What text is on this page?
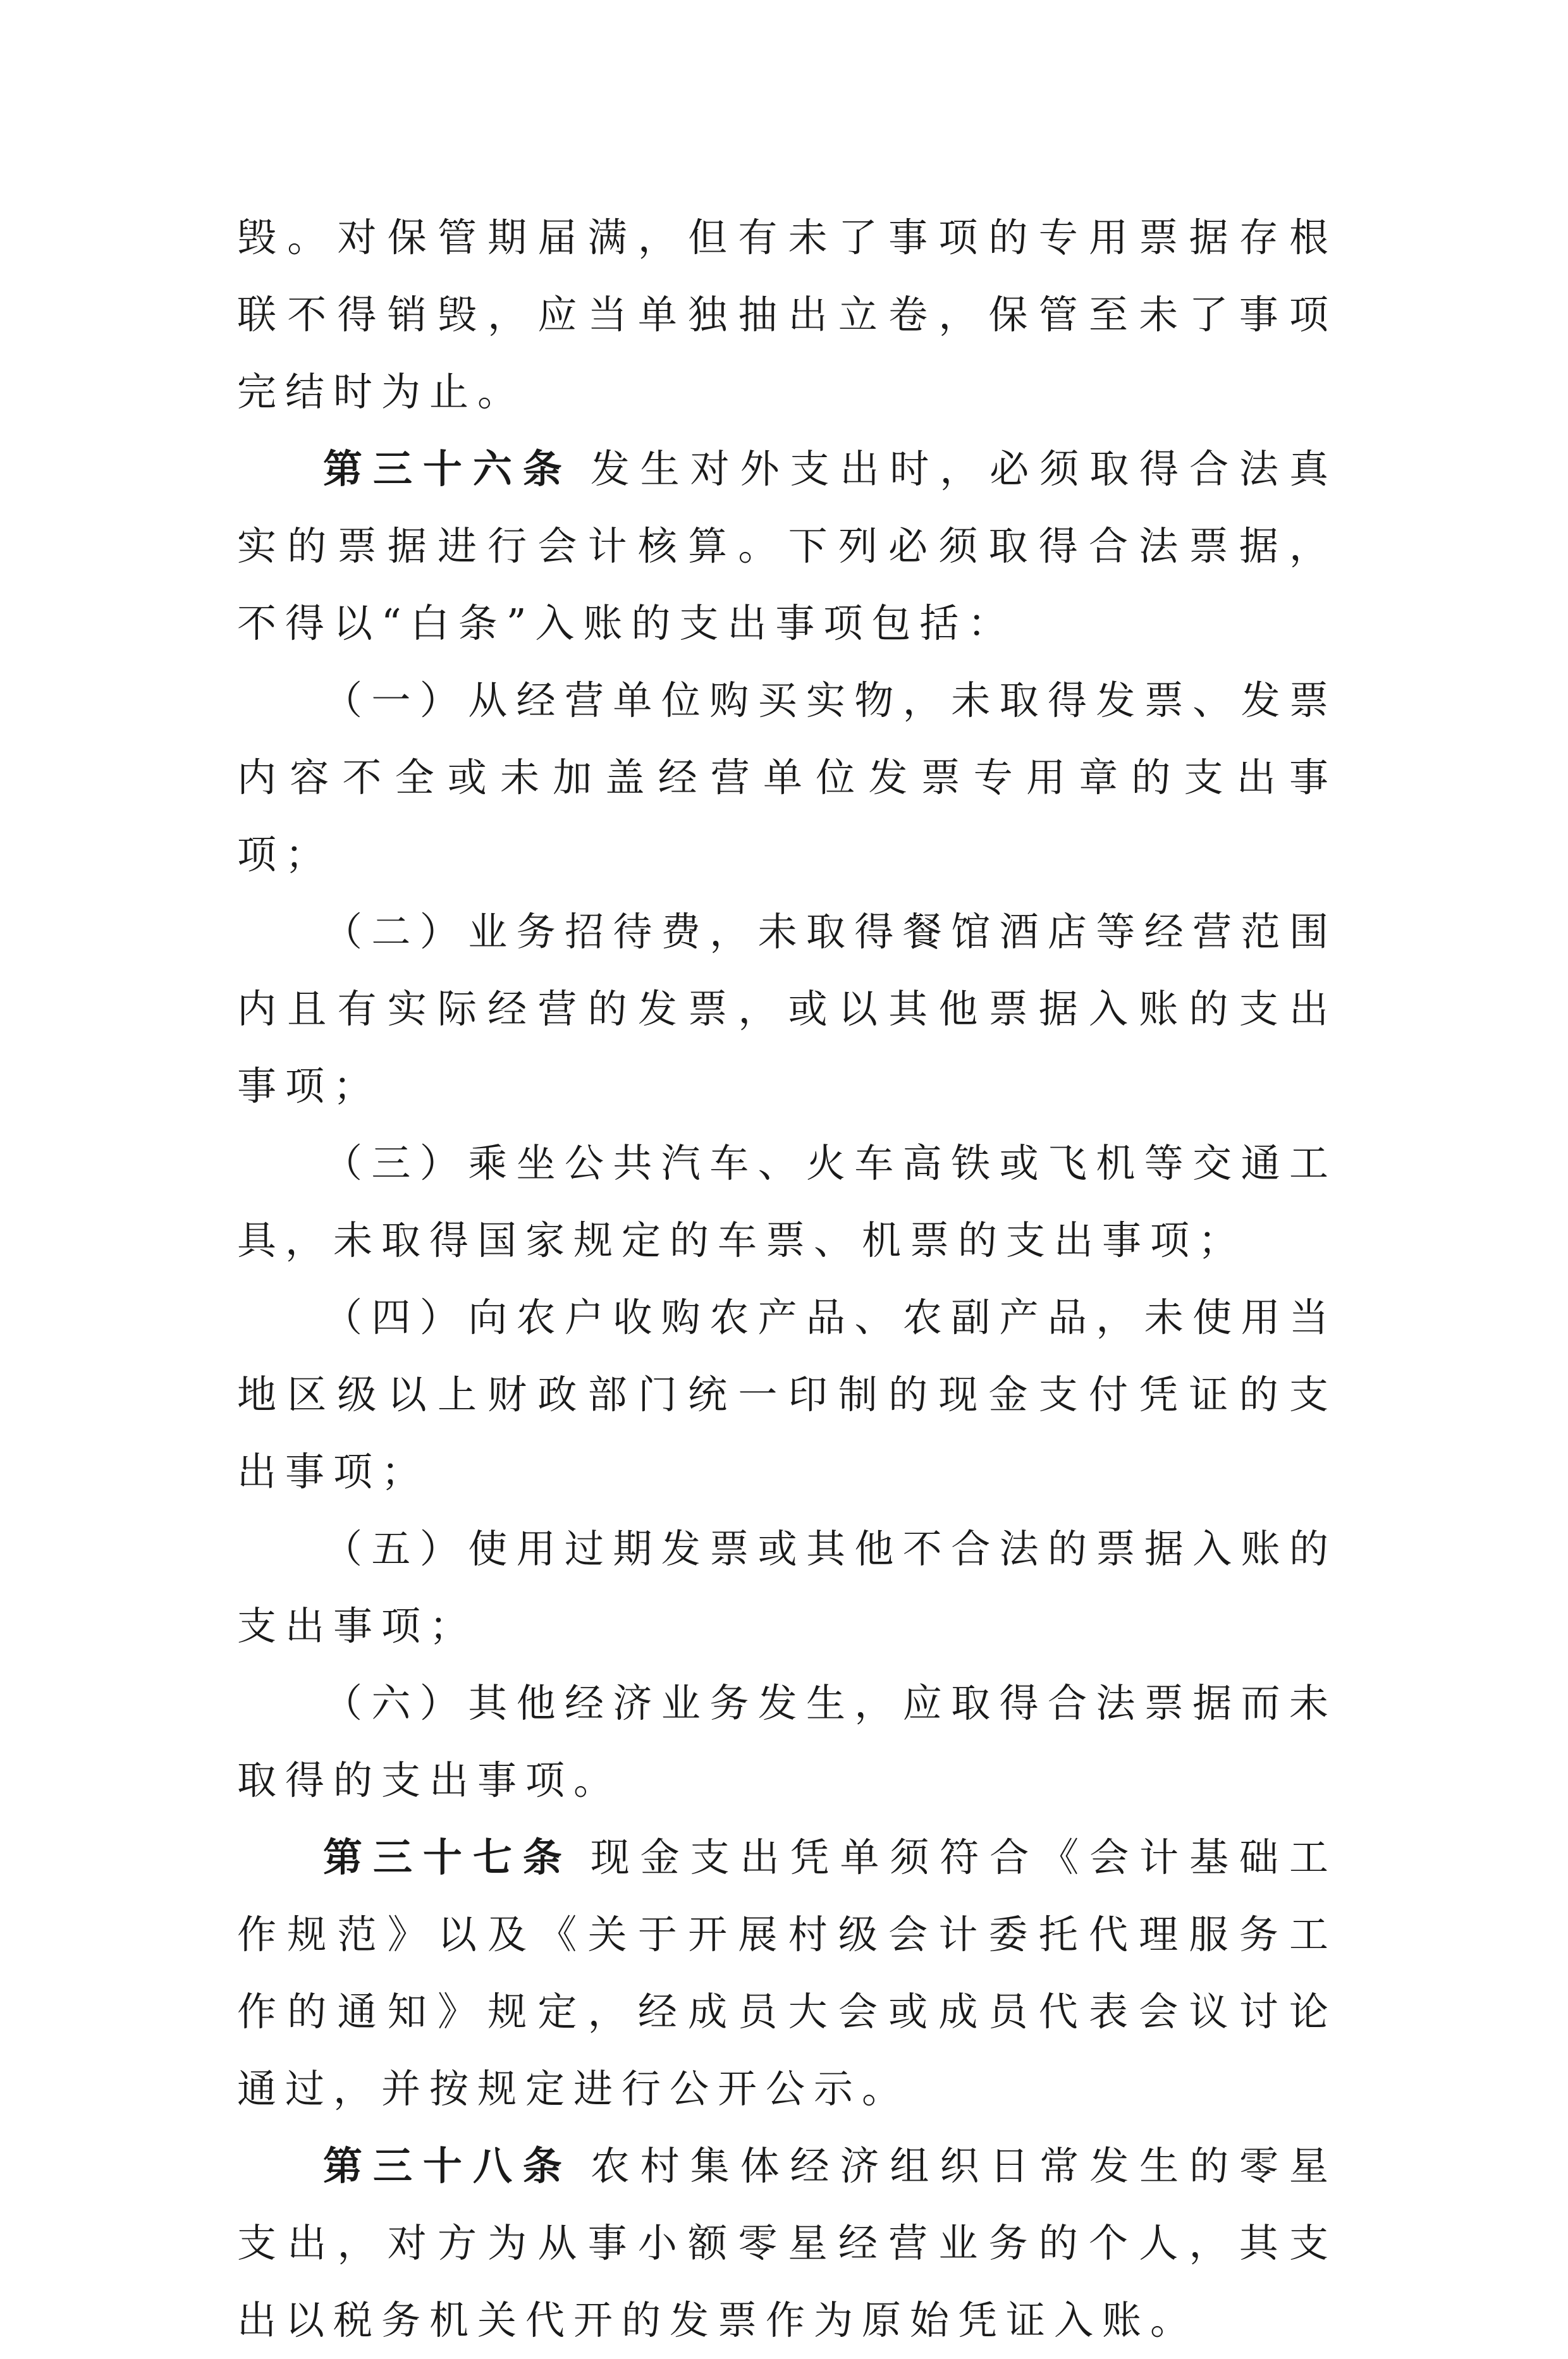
毁。对保管期届满，但有未了事项的专用票据存根联不得销毁，应当单独抽出立卷，保管至未了事项完结时为止。

第三十六条 发生对外支出时，必须取得合法真实的票据进行会计核算。下列必须取得合法票据，不得以“白条”入账的支出事项包括：

（一）从经营单位购买实物，未取得发票、发票内容不全或未加盖经营单位发票专用章的支出事项；

（二）业务招待费，未取得餐馆酒店等经营范围内且有实际经营的发票，或以其他票据入账的支出事项；

（三）乘坐公共汽车、火车高铁或飞机等交通工具，未取得国家规定的车票、机票的支出事项；

（四）向农户收购农产品、农副产品，未使用当地区级以上财政部门统一印制的现金支付凭证的支出事项；

（五）使用过期发票或其他不合法的票据入账的支出事项；

（六）其他经济业务发生，应取得合法票据而未取得的支出事项。

第三十七条 现金支出凭单须符合《会计基础工作规范》以及《关于开展村级会计委托代理服务工作的通知》规定，经成员大会或成员代表会议讨论通过，并按规定进行公开公示。

第三十八条 农村集体经济组织日常发生的零星支出，对方为从事小额零星经营业务的个人，其支出以税务机关代开的发票作为原始凭证入账。
